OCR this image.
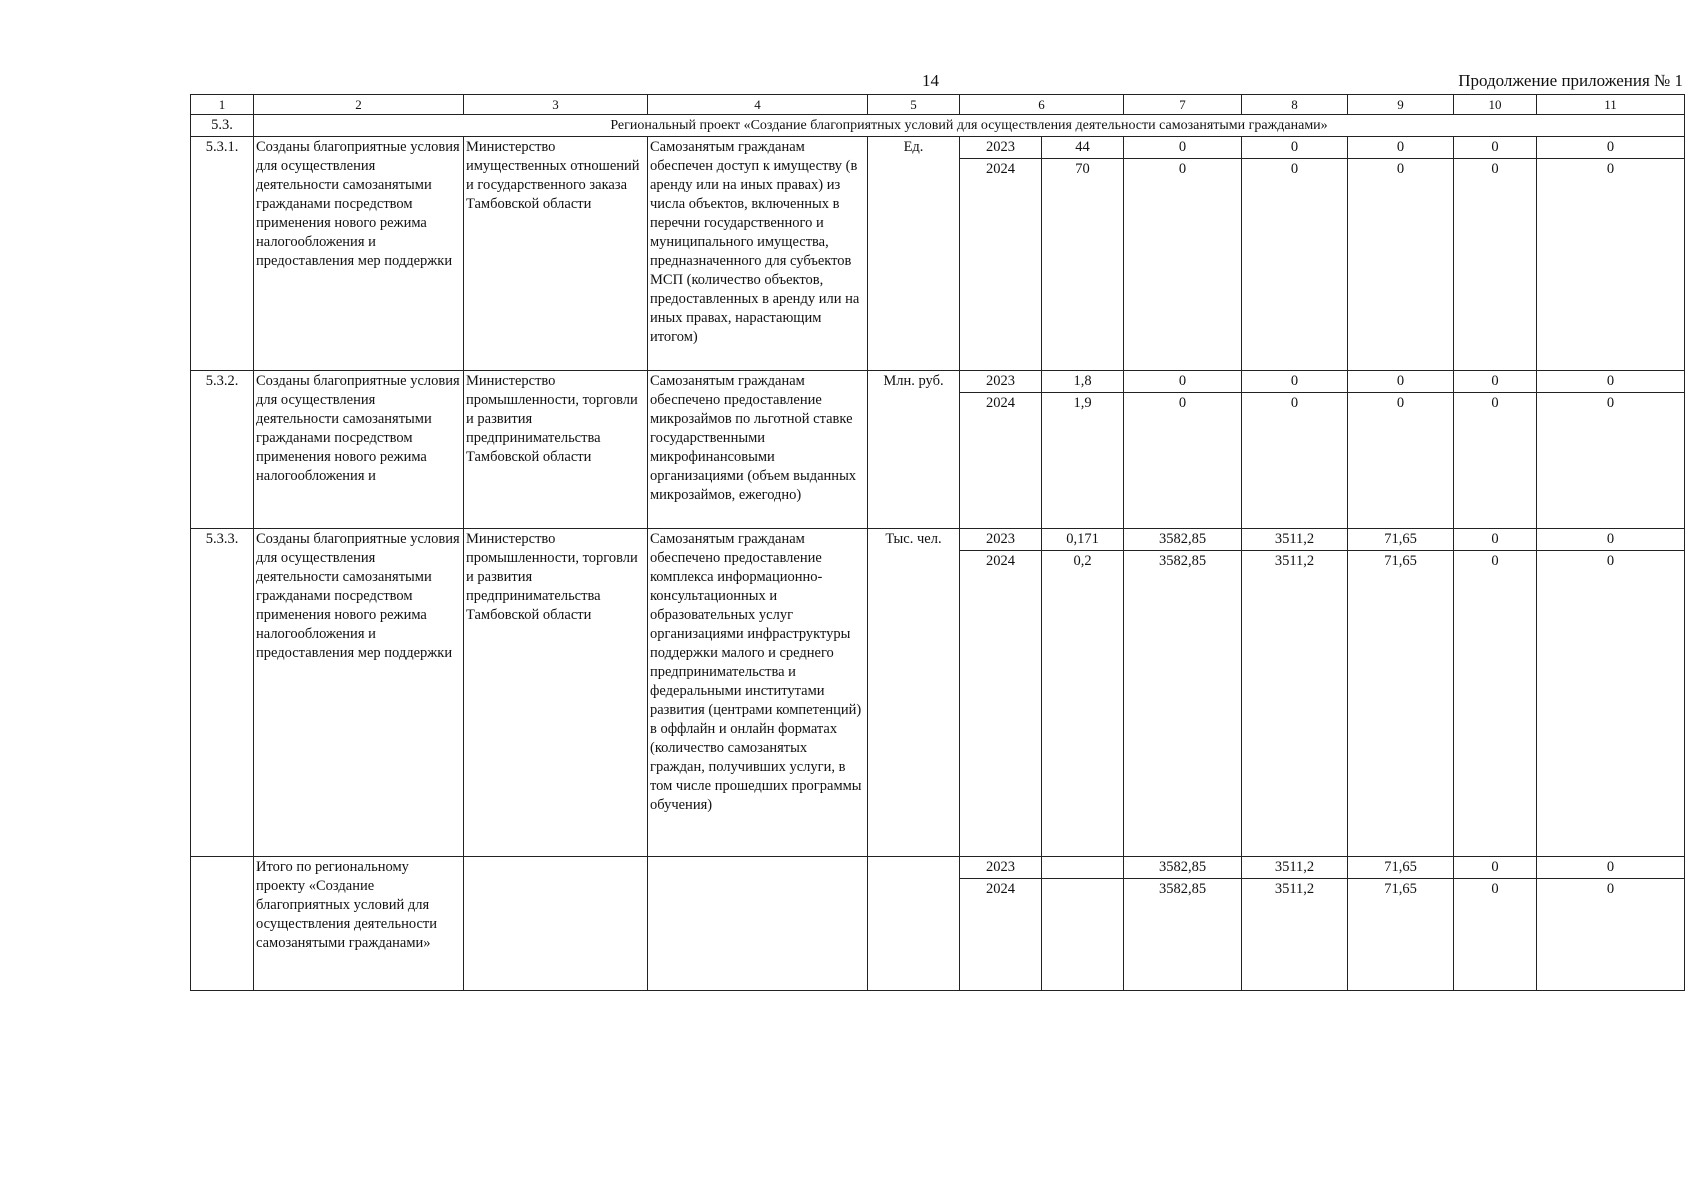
14	Продолжение приложения № 1
1	2	3	4	5	6		7	8	9	10	11
5.3.	Региональный проект «Создание благоприятных условий для осуществления деятельности самозанятыми гражданами»										
5.3.1.	Созданы благоприятные условия для осуществления деятельности самозанятыми гражданами посредством применения нового режима налогообложения и предоставления мер поддержки	Министерство имущественных отношений и государственного заказа Тамбовской области	Самозанятым гражданам обеспечен доступ к имуществу (в аренду или на иных правах) из числа объектов, включенных в перечни государственного и муниципального имущества, предназначенного для субъектов МСП (количество объектов, предоставленных в аренду или на иных правах, нарастающим итогом)	Ед.	2023	44	0	0	0	0	0
					2024	70	0	0	0	0	0
5.3.2.	Созданы благоприятные условия для осуществления деятельности самозанятыми гражданами посредством применения нового режима налогообложения и	Министерство промышленности, торговли и развития предпринимательства Тамбовской области	Самозанятым гражданам обеспечено предоставление микрозаймов по льготной ставке государственными микрофинансовыми организациями (объем выданных микрозаймов, ежегодно)	Млн. руб.	2023	1,8	0	0	0	0	0
					2024	1,9	0	0	0	0	0
5.3.3.	Созданы благоприятные условия для осуществления деятельности самозанятыми гражданами посредством применения нового режима налогообложения и предоставления мер поддержки	Министерство промышленности, торговли и развития предпринимательства Тамбовской области	Самозанятым гражданам обеспечено предоставление комплекса информационно-консультационных и образовательных услуг организациями инфраструктуры поддержки малого и среднего предпринимательства и федеральными институтами развития (центрами компетенций) в оффлайн и онлайн форматах (количество самозанятых граждан, получивших услуги, в том числе прошедших программы обучения)	Тыс. чел.	2023	0,171	3582,85	3511,2	71,65	0	0
					2024	0,2	3582,85	3511,2	71,65	0	0
	Итого по региональному проекту «Создание благоприятных условий для осуществления деятельности самозанятыми гражданами»				2023		3582,85	3511,2	71,65	0	0
					2024		3582,85	3511,2	71,65	0	0
